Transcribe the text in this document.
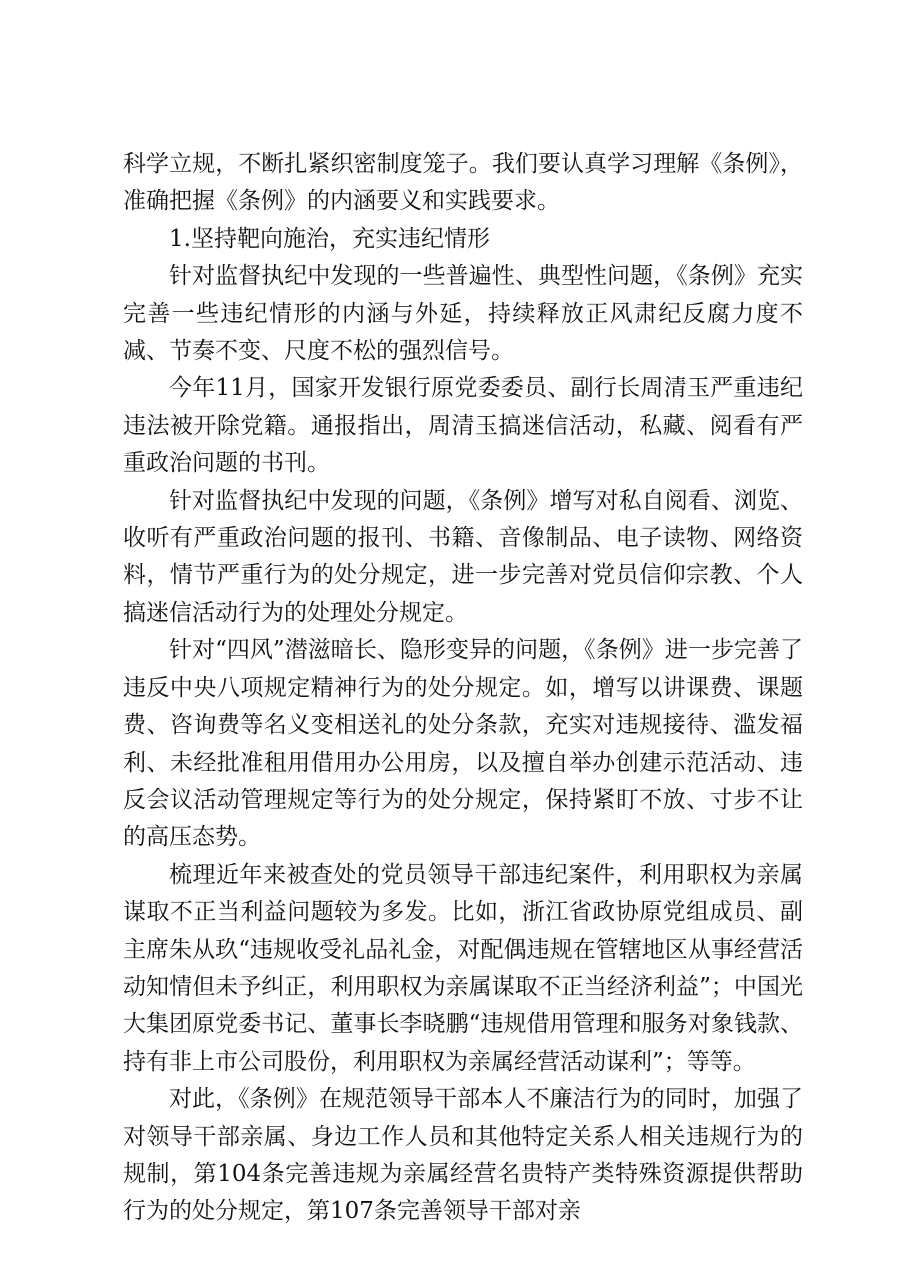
科学立规，不断扎紧织密制度笼子。我们要认真学习理解《条例》，准确把握《条例》的内涵要义和实践要求。

1.坚持靶向施治，充实违纪情形

针对监督执纪中发现的一些普遍性、典型性问题，《条例》充实完善一些违纪情形的内涵与外延，持续释放正风肃纪反腐力度不减、节奏不变、尺度不松的强烈信号。

今年11月，国家开发银行原党委委员、副行长周清玉严重违纪违法被开除党籍。通报指出，周清玉搞迷信活动，私藏、阅看有严重政治问题的书刊。

针对监督执纪中发现的问题，《条例》增写对私自阅看、浏览、收听有严重政治问题的报刊、书籍、音像制品、电子读物、网络资料，情节严重行为的处分规定，进一步完善对党员信仰宗教、个人搞迷信活动行为的处理处分规定。

针对“四风”潜滋暗长、隐形变异的问题，《条例》进一步完善了违反中央八项规定精神行为的处分规定。如，增写以讲课费、课题费、咨询费等名义变相送礼的处分条款，充实对违规接待、滥发福利、未经批准租用借用办公用房，以及擅自举办创建示范活动、违反会议活动管理规定等行为的处分规定，保持紧盯不放、寸步不让的高压态势。

梳理近年来被查处的党员领导干部违纪案件，利用职权为亲属谋取不正当利益问题较为多发。比如，浙江省政协原党组成员、副主席朱从玖“违规收受礼品礼金，对配偶违规在管辖地区从事经营活动知情但未予纠正，利用职权为亲属谋取不正当经济利益”；中国光大集团原党委书记、董事长李晓鹏“违规借用管理和服务对象钱款、持有非上市公司股份，利用职权为亲属经营活动谋利”；等等。

对此，《条例》在规范领导干部本人不廉洁行为的同时，加强了对领导干部亲属、身边工作人员和其他特定关系人相关违规行为的规制，第104条完善违规为亲属经营名贵特产类特殊资源提供帮助行为的处分规定，第107条完善领导干部对亲
